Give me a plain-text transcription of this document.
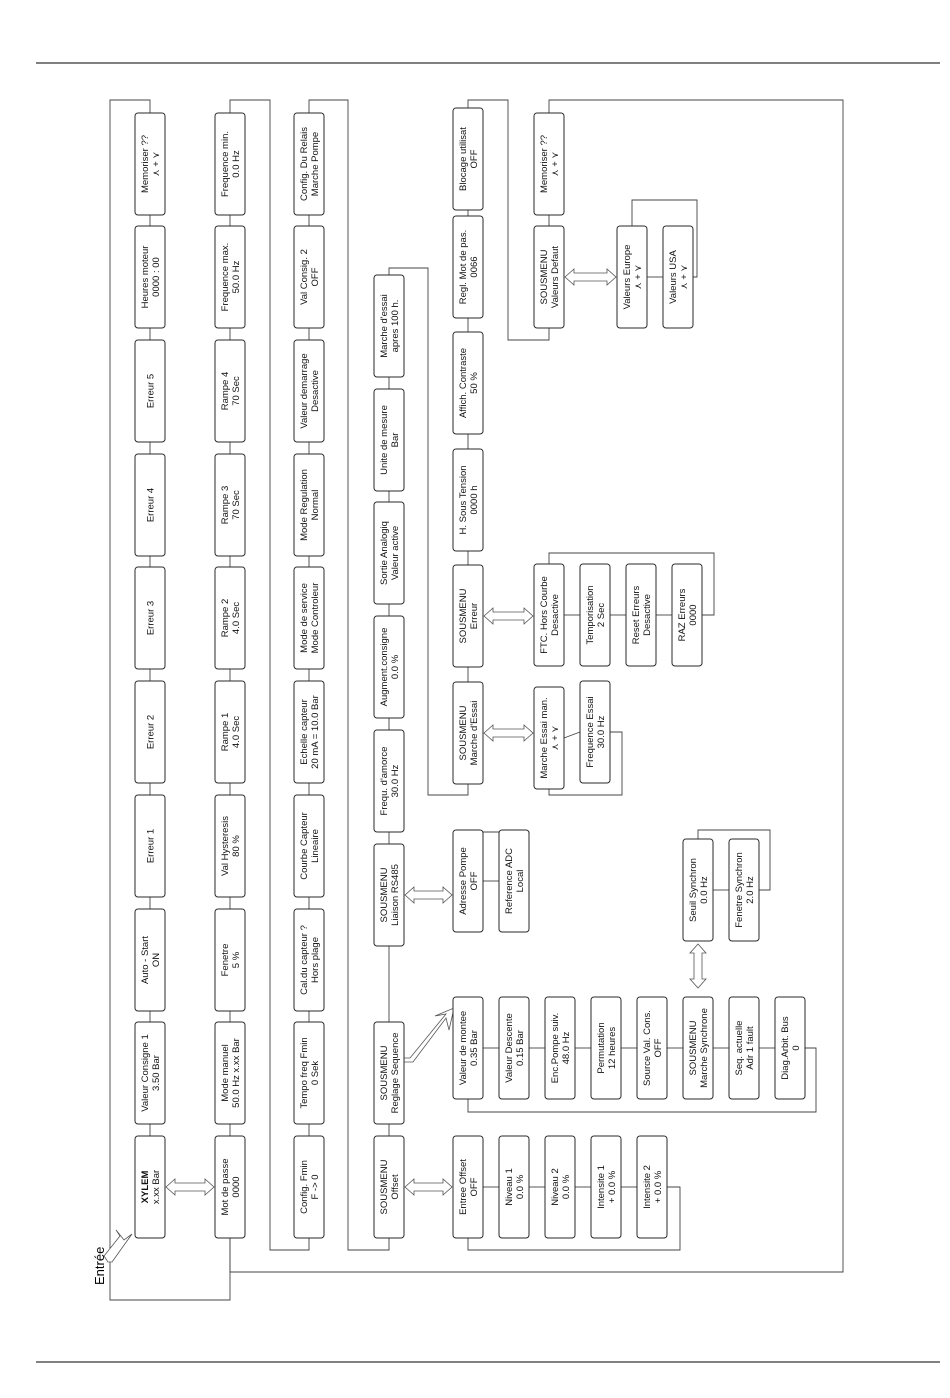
XYLEMx.xx Bar
Valeur Consigne 13.50 Bar
Auto - StartON
Erreur 1
Erreur 2
Erreur 3
Erreur 4
Erreur 5
Heures moteur0000 : 00
Memoriser ??⋏ + ⋎
Mot de passe0000
Mode manuel50.0 Hz x.xx Bar
Fenetre5 %
Val Hysteresis80 %
Rampe 14.0 Sec
Rampe 24.0 Sec
Rampe 370 Sec
Rampe 470 Sec
Frequence max.50.0 Hz
Frequence min.0.0 Hz
Config. FminF -> 0
Tempo freq Fmin0 Sek
Cal.du capteur ?Hors plage
Courbe CapteurLineaire
Echelle capteur20 mA = 10.0 Bar
Mode de serviceMode Controleur
Mode RegulationNormal
Valeur demarrageDesactive
Val Consig. 2OFF
Config. Du RelaisMarche Pompe
SOUSMENUOffset
SOUSMENUReglage Sequence
SOUSMENULiaison RS485
Frequ. d'amorce30.0 Hz
Augment.consigne0.0 %
Sortie AnalogiqValeur active
Unite de mesureBar
Marche d'essaiapres 100 h.
Entree OffsetOFF	Niveau 10.0 %	Niveau 20.0 %	Intensite 1+ 0.0 %	Intensite 2+ 0.0 %
Valeur de montee0.35 Bar	Valeur Descente0.15 Bar	Enc.Pompe suiv.48.0 Hz	Permutation12 heures	Source Val. Cons.OFF	SOUSMENUMarche Synchrone	Seq. actuelleAdr 1 fault	Diag.Arbit. Bus0
Seuil Synchron0.0 Hz	Fenetre Synchron2.0 Hz
Adresse PompeOFF	Reference ADCLocal
SOUSMENUMarche d'Essai
SOUSMENUErreur
H. Sous Tension0000 h
Affich. Contraste50 %
Regl. Mot de pas.0066
Blocage utilisatOFF
Marche Essai man.⋏ + ⋎	Frequence Essai30.0 Hz
FTC. Hors CourbeDesactive	Temporisation2 Sec	Reset ErreursDesactive	RAZ Erreurs0000
SOUSMENUValeurs Defaut
Memoriser ??⋏ + ⋎
Valeurs Europe⋏ + ⋎	Valeurs USA⋏ + ⋎
Entrée
